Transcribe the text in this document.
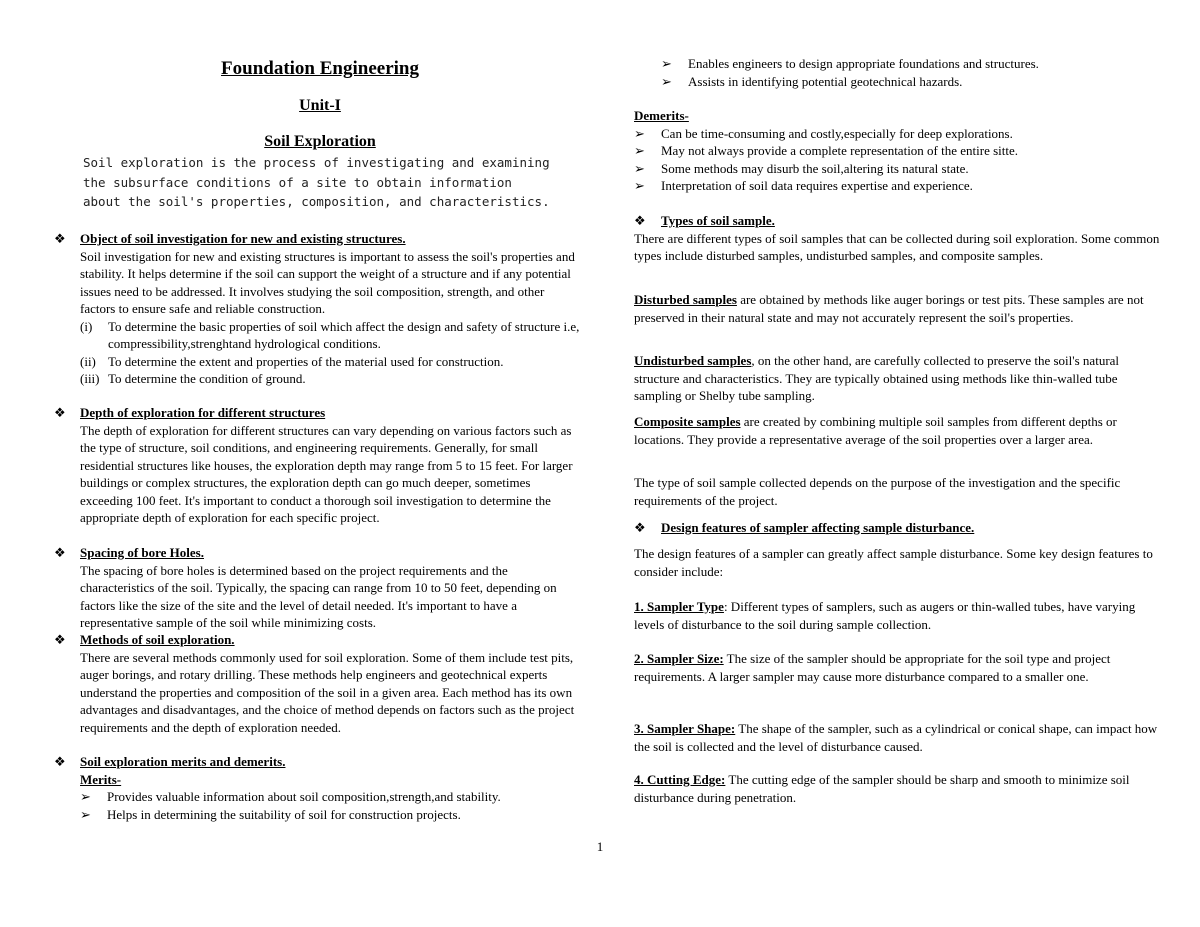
Foundation Engineering
Unit-I
Soil Exploration

Soil exploration is the process of investigating and examining the subsurface conditions of a site to obtain information about the soil's properties, composition, and characteristics.

❖ Object of soil investigation for new and existing structures.

Soil investigation for new and existing structures is important to assess the soil's properties and stability. It helps determine if the soil can support the weight of a structure and if any potential issues need to be addressed. It involves studying the soil composition, strength, and other factors to ensure safe and reliable construction.

(i) To determine the basic properties of soil which affect the design and safety of structure i.e, compressibility,strenghtand hydrological conditions.
(ii) To determine the extent and properties of the material used for construction.
(iii) To determine the condition of ground.
❖ Depth of exploration for different structures

The depth of exploration for different structures can vary depending on various factors such as the type of structure, soil conditions, and engineering requirements. Generally, for small residential structures like houses, the exploration depth may range from 5 to 15 feet. For larger buildings or complex structures, the exploration depth can go much deeper, sometimes exceeding 100 feet. It's important to conduct a thorough soil investigation to determine the appropriate depth of exploration for each specific project.

❖ Spacing of bore Holes.

The spacing of bore holes is determined based on the project requirements and the characteristics of the soil. Typically, the spacing can range from 10 to 50 feet, depending on factors like the size of the site and the level of detail needed. It's important to have a representative sample of the soil while minimizing costs.

❖ Methods of soil exploration.

There are several methods commonly used for soil exploration. Some of them include test pits, auger borings, and rotary drilling. These methods help engineers and geotechnical experts understand the properties and composition of the soil in a given area. Each method has its own advantages and disadvantages, and the choice of method depends on factors such as the project requirements and the depth of exploration needed.

❖ Soil exploration merits and demerits.
Merits-
➢ Provides valuable information about soil composition,strength,and stability.
➢ Helps in determining the suitability of soil for construction projects.
➢ Enables engineers to design appropriate foundations and structures.
➢ Assists in identifying potential geotechnical hazards.
Demerits-
➢ Can be time-consuming and costly,especially for deep explorations.
➢ May not always provide a complete representation of the entire sitte.
➢ Some methods may disurb the soil,altering its natural state.
➢ Interpretation of soil data requires expertise and experience.
❖ Types of soil sample.

There are different types of soil samples that can be collected during soil exploration. Some common types include disturbed samples, undisturbed samples, and composite samples.

Disturbed samples are obtained by methods like auger borings or test pits. These samples are not preserved in their natural state and may not accurately represent the soil's properties.

Undisturbed samples, on the other hand, are carefully collected to preserve the soil's natural structure and characteristics. They are typically obtained using methods like thin-walled tube sampling or Shelby tube sampling.

Composite samples are created by combining multiple soil samples from different depths or locations. They provide a representative average of the soil properties over a larger area.

The type of soil sample collected depends on the purpose of the investigation and the specific requirements of the project.

❖ Design features of sampler affecting sample disturbance.

The design features of a sampler can greatly affect sample disturbance. Some key design features to consider include:

1. Sampler Type: Different types of samplers, such as augers or thin-walled tubes, have varying levels of disturbance to the soil during sample collection.

2. Sampler Size: The size of the sampler should be appropriate for the soil type and project requirements. A larger sampler may cause more disturbance compared to a smaller one.

3. Sampler Shape: The shape of the sampler, such as a cylindrical or conical shape, can impact how the soil is collected and the level of disturbance caused.

4. Cutting Edge: The cutting edge of the sampler should be sharp and smooth to minimize soil disturbance during penetration.

1
